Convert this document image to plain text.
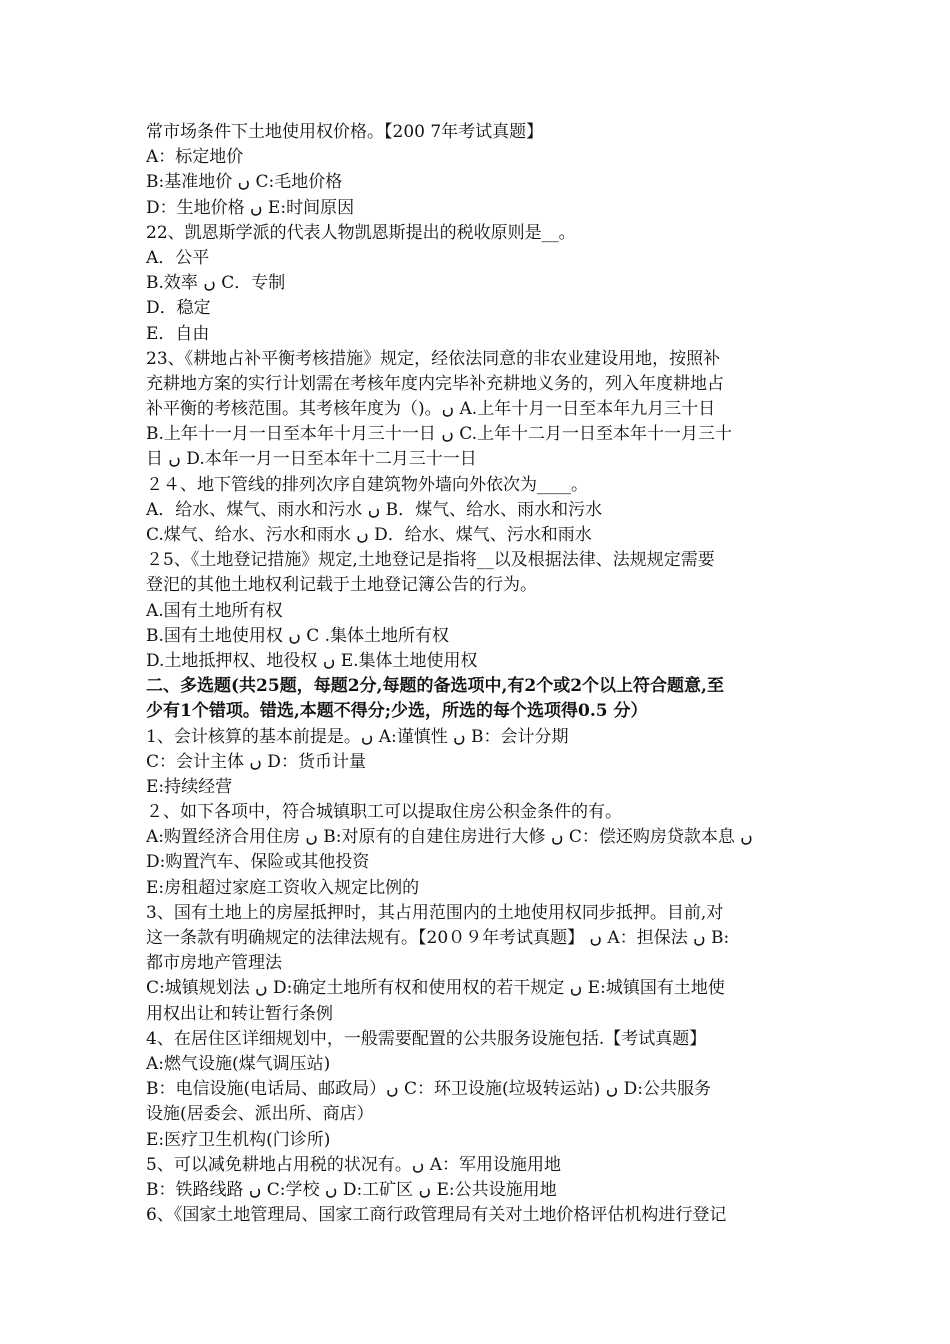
常市场条件下土地使用权价格。【200 7年考试真题】
A：标定地价
B:基准地价 ں C:毛地价格
D：生地价格 ں E:时间原因
22、凯恩斯学派的代表人物凯恩斯提出的税收原则是__。
A．公平
B.效率 ں C．专制
D．稳定
E．自由
23、《耕地占补平衡考核措施》规定，经依法同意的非农业建设用地，按照补
充耕地方案的实行计划需在考核年度内完毕补充耕地义务的，列入年度耕地占
补平衡的考核范围。其考核年度为（)。ں A.上年十月一日至本年九月三十日
B.上年十一月一日至本年十月三十一日 ں C.上年十二月一日至本年十一月三十
日 ں D.本年一月一日至本年十二月三十一日
２４、地下管线的排列次序自建筑物外墙向外依次为____。
A．给水、煤气、雨水和污水 ں B．煤气、给水、雨水和污水
C.煤气、给水、污水和雨水 ں D．给水、煤气、污水和雨水
２5、《土地登记措施》规定,土地登记是指将__以及根据法律、法规规定需要
登汜的其他土地权利记载于土地登记簿公告的行为。
A.国有土地所有权
B.国有土地使用权 ں C .集体土地所有权
D.土地抵押权、地役权 ں E.集体土地使用权
二、多选题(共25题，每题2分,每题的备选项中,有2个或2个以上符合题意,至
少有1个错项。错选,本题不得分;少选，所选的每个选项得0.5 分）
1、会计核算的基本前提是。ں A:谨慎性 ں B：会计分期
C：会计主体 ں D：货币计量
E:持续经营
２、如下各项中，符合城镇职工可以提取住房公积金条件的有。
A:购置经济合用住房 ں B:对原有的自建住房进行大修 ں C：偿还购房贷款本息 ں
D:购置汽车、保险或其他投资
E:房租超过家庭工资收入规定比例的
3、国有土地上的房屋抵押时，其占用范围内的土地使用权同步抵押。目前,对
这一条款有明确规定的法律法规有。【20０９年考试真题】 ں A：担保法 ں B:
都市房地产管理法
C:城镇规划法 ں D:确定土地所有权和使用权的若干规定 ں E:城镇国有土地使
用权出让和转让暂行条例
4、在居住区详细规划中，一般需要配置的公共服务设施包括.【考试真题】
A:燃气设施(煤气调压站)
B：电信设施(电话局、邮政局）ں C：环卫设施(垃圾转运站) ں D:公共服务
设施(居委会、派出所、商店）
E:医疗卫生机构(门诊所)
5、可以减免耕地占用税的状况有。ں A：军用设施用地
B：铁路线路 ں C:学校 ں D:工矿区 ں E:公共设施用地
6、《国家土地管理局、国家工商行政管理局有关对土地价格评估机构进行登记
